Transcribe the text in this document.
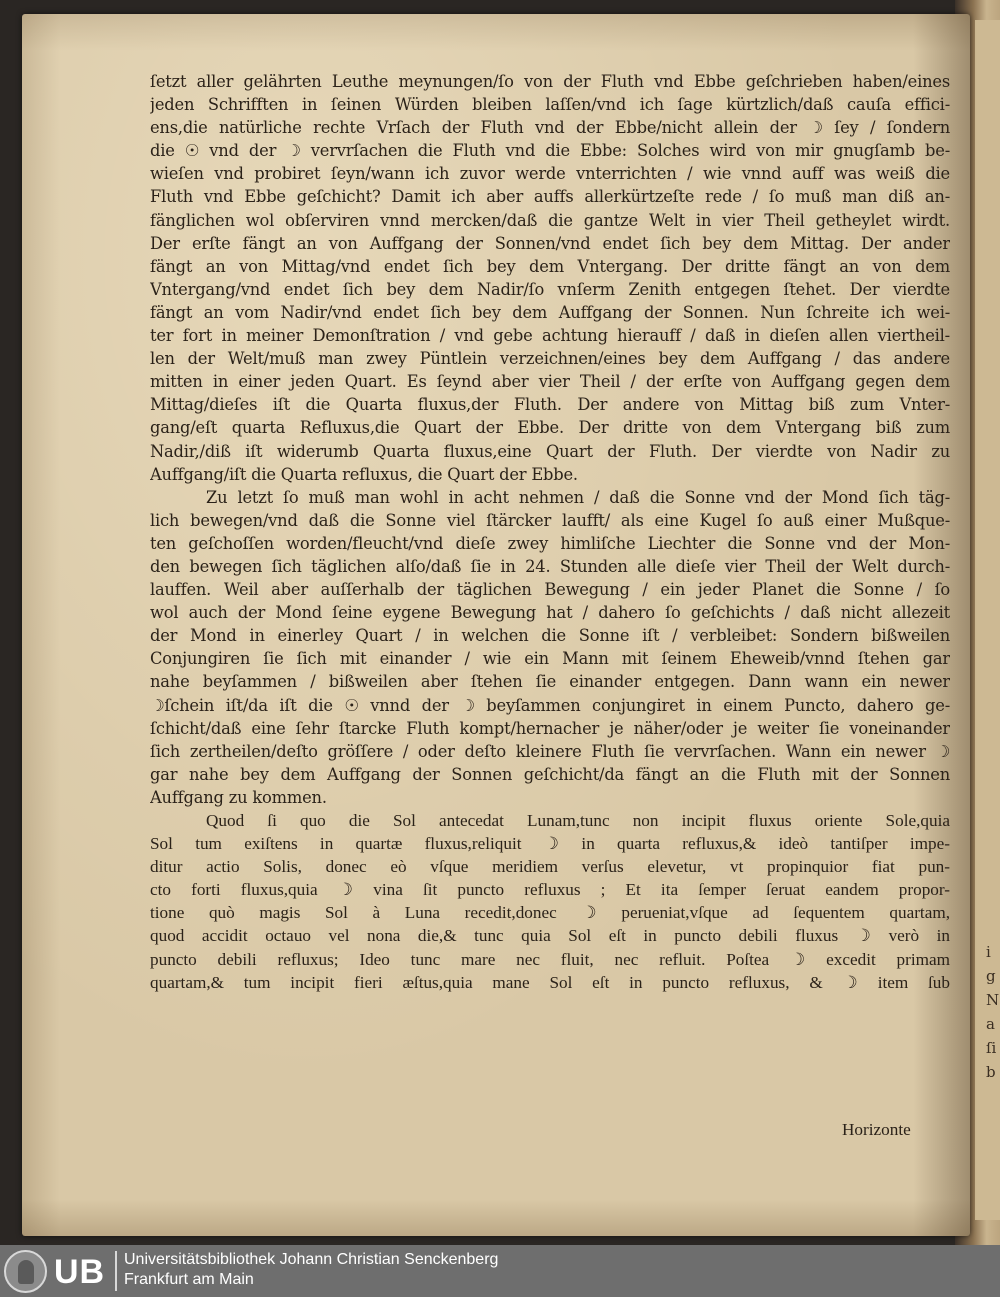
i
g
N
a
ſi
b
ſetzt aller gelährten Leuthe meynungen/ſo von der Fluth vnd Ebbe geſchrieben haben/eines
jeden Schrifften in ſeinen Würden bleiben laſſen/vnd ich ſage kürtzlich/daß cauſa effici-
ens,die natürliche rechte Vrſach der Fluth vnd der Ebbe/nicht allein der ☽ ſey / ſondern
die ☉ vnd der ☽ vervrſachen die Fluth vnd die Ebbe: Solches wird von mir gnugſamb be-
wieſen vnd probiret ſeyn/wann ich zuvor werde vnterrichten / wie vnnd auff was weiß die
Fluth vnd Ebbe geſchicht? Damit ich aber auffs allerkürtzeſte rede / ſo muß man diß an-
fänglichen wol obſerviren vnnd mercken/daß die gantze Welt in vier Theil getheylet wirdt.
Der erſte fängt an von Auffgang der Sonnen/vnd endet ſich bey dem Mittag. Der ander
fängt an von Mittag/vnd endet ſich bey dem Vntergang. Der dritte fängt an von dem
Vntergang/vnd endet ſich bey dem Nadir/ſo vnſerm Zenith entgegen ſtehet. Der vierdte
fängt an vom Nadir/vnd endet ſich bey dem Auffgang der Sonnen. Nun ſchreite ich wei-
ter fort in meiner Demonſtration / vnd gebe achtung hierauff / daß in dieſen allen viertheil-
len der Welt/muß man zwey Püntlein verzeichnen/eines bey dem Auffgang / das andere
mitten in einer jeden Quart. Es ſeynd aber vier Theil / der erſte von Auffgang gegen dem
Mittag/dieſes iſt die Quarta fluxus,der Fluth. Der andere von Mittag biß zum Vnter-
gang/eſt quarta Refluxus,die Quart der Ebbe. Der dritte von dem Vntergang biß zum
Nadir,/diß iſt widerumb Quarta fluxus,eine Quart der Fluth. Der vierdte von Nadir zu
Auffgang/iſt die Quarta refluxus, die Quart der Ebbe.
Zu letzt ſo muß man wohl in acht nehmen / daß die Sonne vnd der Mond ſich täg-
lich bewegen/vnd daß die Sonne viel ſtärcker laufft/ als eine Kugel ſo auß einer Mußque-
ten geſchoſſen worden/fleucht/vnd dieſe zwey himliſche Liechter die Sonne vnd der Mon-
den bewegen ſich täglichen alſo/daß ſie in 24. Stunden alle dieſe vier Theil der Welt durch-
lauffen. Weil aber auſſerhalb der täglichen Bewegung / ein jeder Planet die Sonne / ſo
wol auch der Mond ſeine eygene Bewegung hat / dahero ſo geſchichts / daß nicht allezeit
der Mond in einerley Quart / in welchen die Sonne iſt / verbleibet: Sondern bißweilen
Conjungiren ſie ſich mit einander / wie ein Mann mit ſeinem Eheweib/vnnd ſtehen gar
nahe beyſammen / bißweilen aber ſtehen ſie einander entgegen. Dann wann ein newer
☽ſchein iſt/da iſt die ☉ vnnd der ☽ beyſammen conjungiret in einem Puncto, dahero ge-
ſchicht/daß eine ſehr ſtarcke Fluth kompt/hernacher je näher/oder je weiter ſie voneinander
ſich zertheilen/deſto gröſſere / oder deſto kleinere Fluth ſie vervrſachen. Wann ein newer ☽
gar nahe bey dem Auffgang der Sonnen geſchicht/da fängt an die Fluth mit der Sonnen
Auffgang zu kommen.
Quod ſi quo die Sol antecedat Lunam,tunc non incipit fluxus oriente Sole,quia
Sol tum exiſtens in quartæ fluxus,reliquit ☽ in quarta refluxus,& ideò tantiſper impe-
ditur actio Solis, donec eò vſque meridiem verſus elevetur, vt propinquior fiat pun-
cto forti fluxus,quia ☽ vina ſit puncto refluxus ; Et ita ſemper ſeruat eandem propor-
tione quò magis Sol à Luna recedit,donec ☽ perueniat,vſque ad ſequentem quartam,
quod accidit octauo vel nona die,& tunc quia Sol eſt in puncto debili fluxus ☽ verò in
puncto debili refluxus; Ideo tunc mare nec fluit, nec refluit. Poſtea ☽ excedit primam
quartam,& tum incipit fieri æſtus,quia mane Sol eſt in puncto refluxus, & ☽ item ſub
Horizonte
UB Universitätsbibliothek Johann Christian Senckenberg
Frankfurt am Main
